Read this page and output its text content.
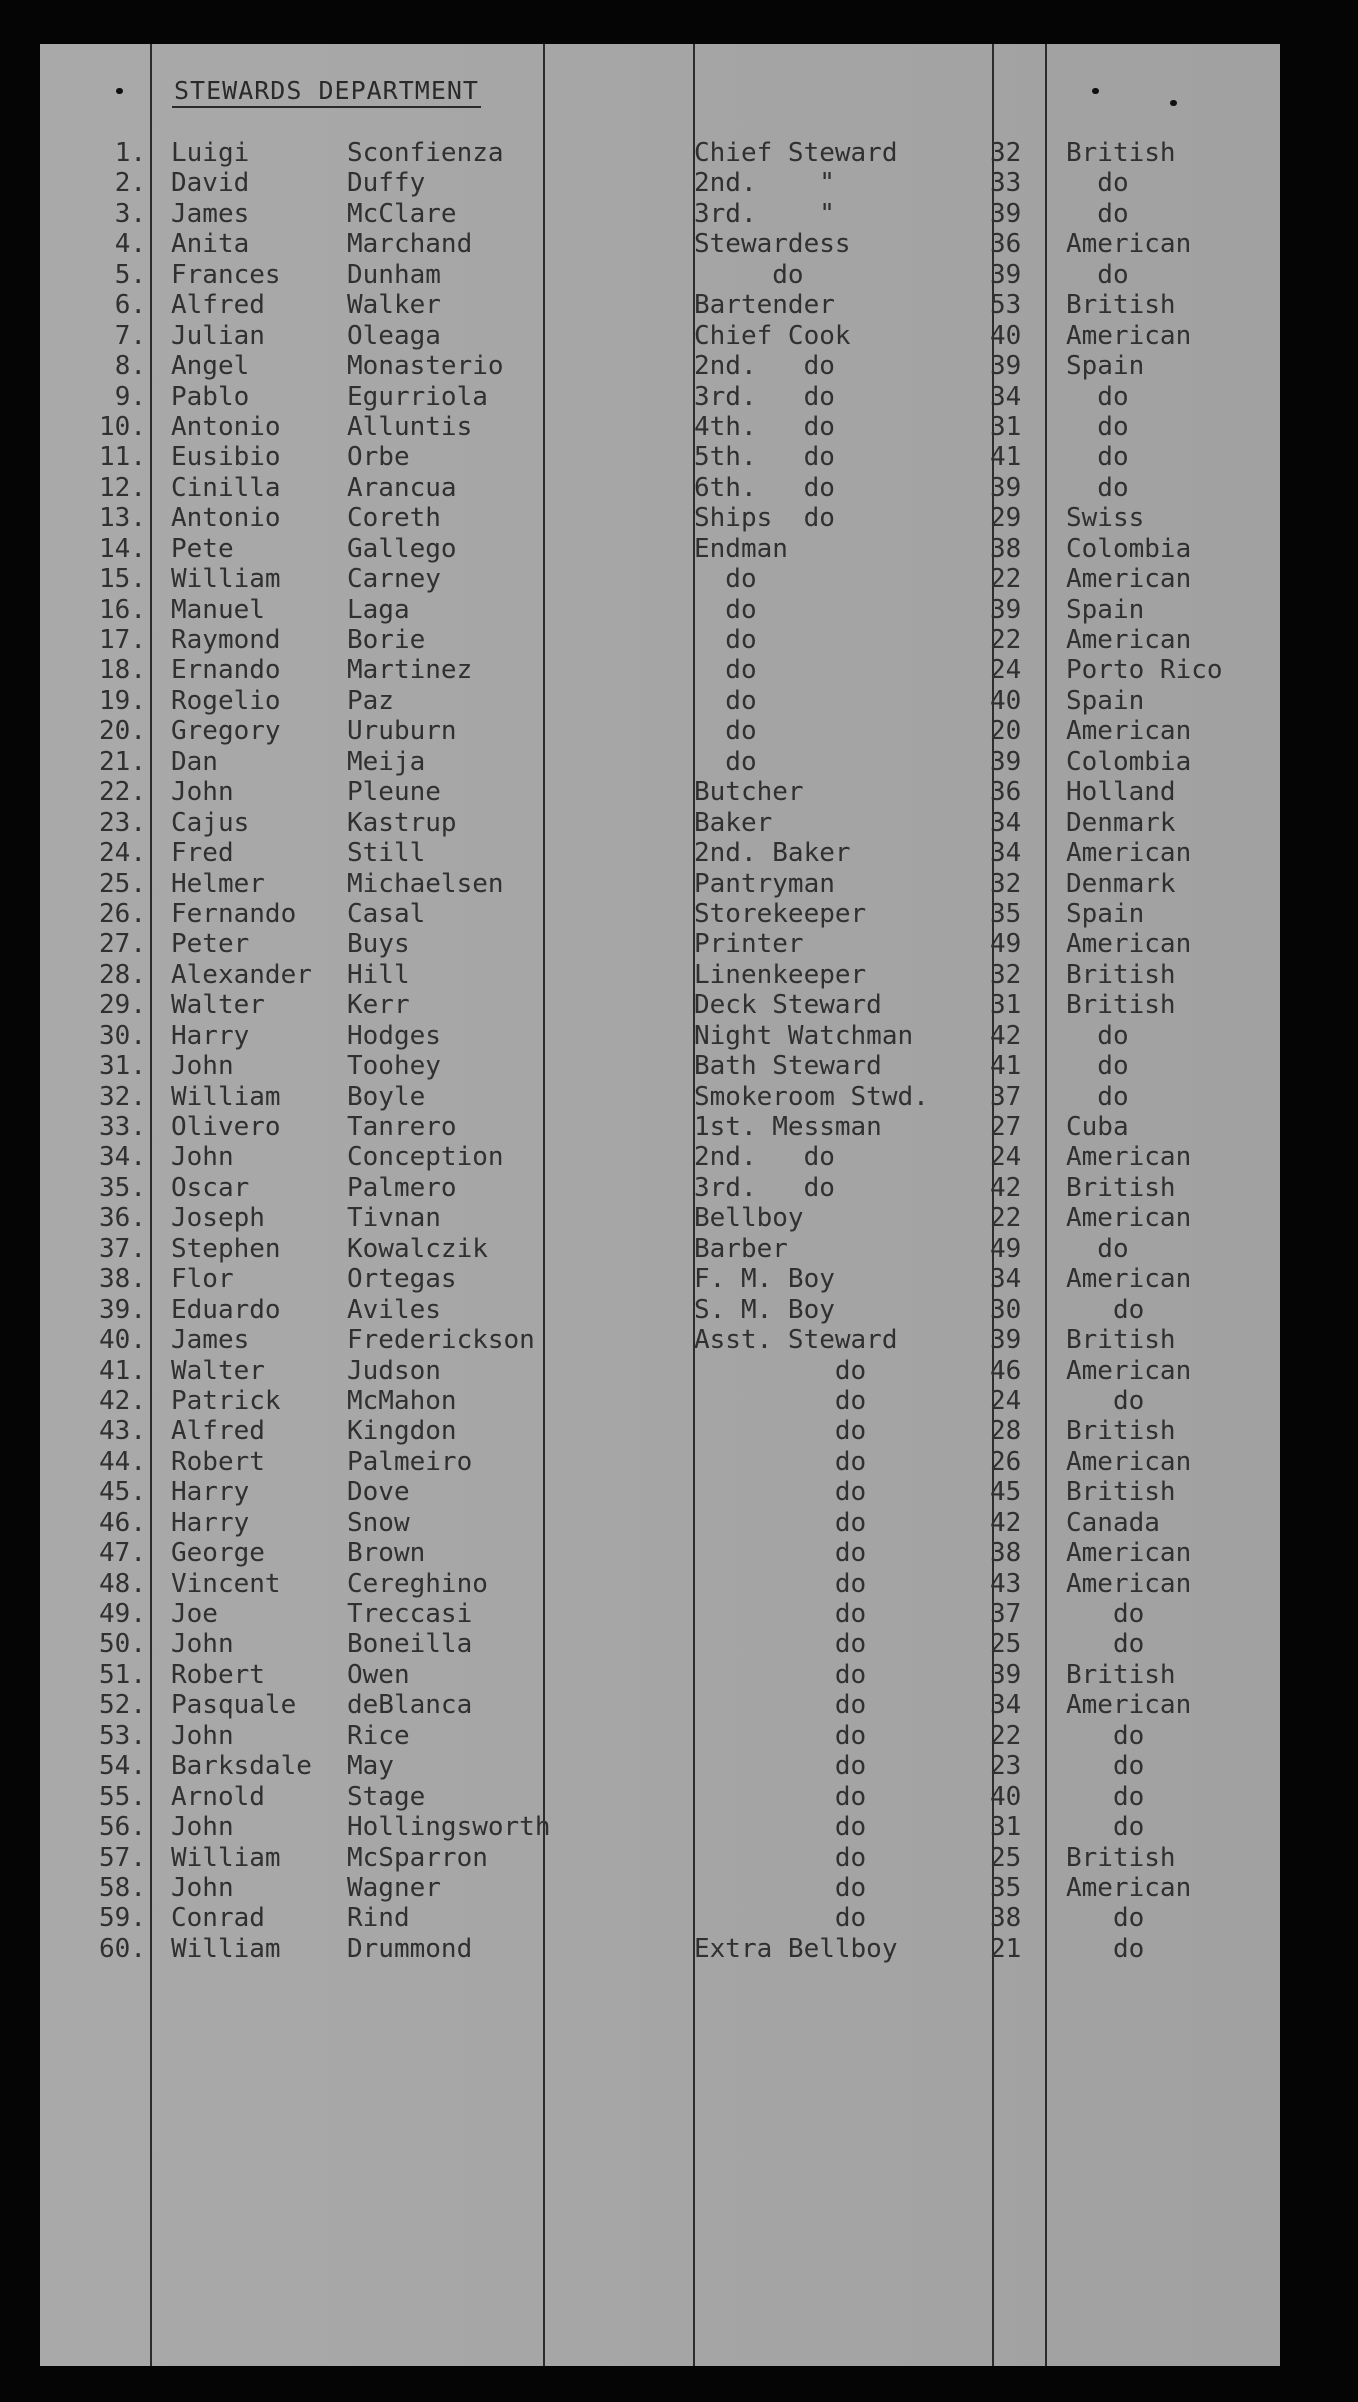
STEWARDS DEPARTMENT
1. Luigi	Sconfienza	Chief Steward	32 British
2. David	Duffy	2nd.    "	33 do
3. James	McClare	3rd.    "	39 do
4. Anita	Marchand	Stewardess	36 American
5. Frances	Dunham	do	39 do
6. Alfred	Walker	Bartender	53 British
7. Julian	Oleaga	Chief Cook	40 American
8. Angel	Monasterio	2nd.   do	39 Spain
9. Pablo	Egurriola	3rd.   do	34 do
10. Antonio	Alluntis	4th.   do	31 do
11. Eusibio	Orbe	5th.   do	41 do
12. Cinilla	Arancua	6th.   do	39 do
13. Antonio	Coreth	Ships  do	29 Swiss
14. Pete	Gallego	Endman	38 Colombia
15. William	Carney	do	22 American
16. Manuel	Laga	do	39 Spain
17. Raymond	Borie	do	22 American
18. Ernando	Martinez	do	24 Porto Rico
19. Rogelio	Paz	do	40 Spain
20. Gregory	Uruburn	do	20 American
21. Dan	Meija	do	39 Colombia
22. John	Pleune	Butcher	36 Holland
23. Cajus	Kastrup	Baker	34 Denmark
24. Fred	Still	2nd. Baker	34 American
25. Helmer	Michaelsen	Pantryman	32 Denmark
26. Fernando Casal	Storekeeper	35 Spain
27. Peter	Buys	Printer	49 American
28. Alexander Hill	Linenkeeper	32 British
29. Walter	Kerr	Deck Steward	31 British
30. Harry	Hodges	Night Watchman	42 do
31. John	Toohey	Bath Steward	41 do
32. William	Boyle	Smokeroom Stwd. 37 do
33. Olivero	Tanrero	1st. Messman	27 Cuba
34. John	Conception	2nd.   do	24 American
35. Oscar	Palmero	3rd.   do	42 British
36. Joseph	Tivnan	Bellboy	22 American
37. Stephen	Kowalczik	Barber	49 do
38. Flor	Ortegas	F. M. Boy	34 American
39. Eduardo	Aviles	S. M. Boy	30 do
40. James	Frederickson	Asst. Steward	39 British
41. Walter	Judson	do	46 American
42. Patrick	McMahon	do	24 do
43. Alfred	Kingdon	do	28 British
44. Robert	Palmeiro	do	26 American
45. Harry	Dove	do	45 British
46. Harry	Snow	do	42 Canada
47. George	Brown	do	38 American
48. Vincent	Cereghino	do	43 American
49. Joe	Treccasi	do	37 do
50. John	Boneilla	do	25 do
51. Robert	Owen	do	39 British
52. Pasquale deBlanca	do	34 American
53. John	Rice	do	22 do
54. Barksdale May	do	23 do
55. Arnold	Stage	do	40 do
56. John	Hollingsworth	do	31 do
57. William	McSparron	do	25 British
58. John	Wagner	do	35 American
59. Conrad	Rind	do	38 do
60. William	Drummond	Extra Bellboy	21 do
